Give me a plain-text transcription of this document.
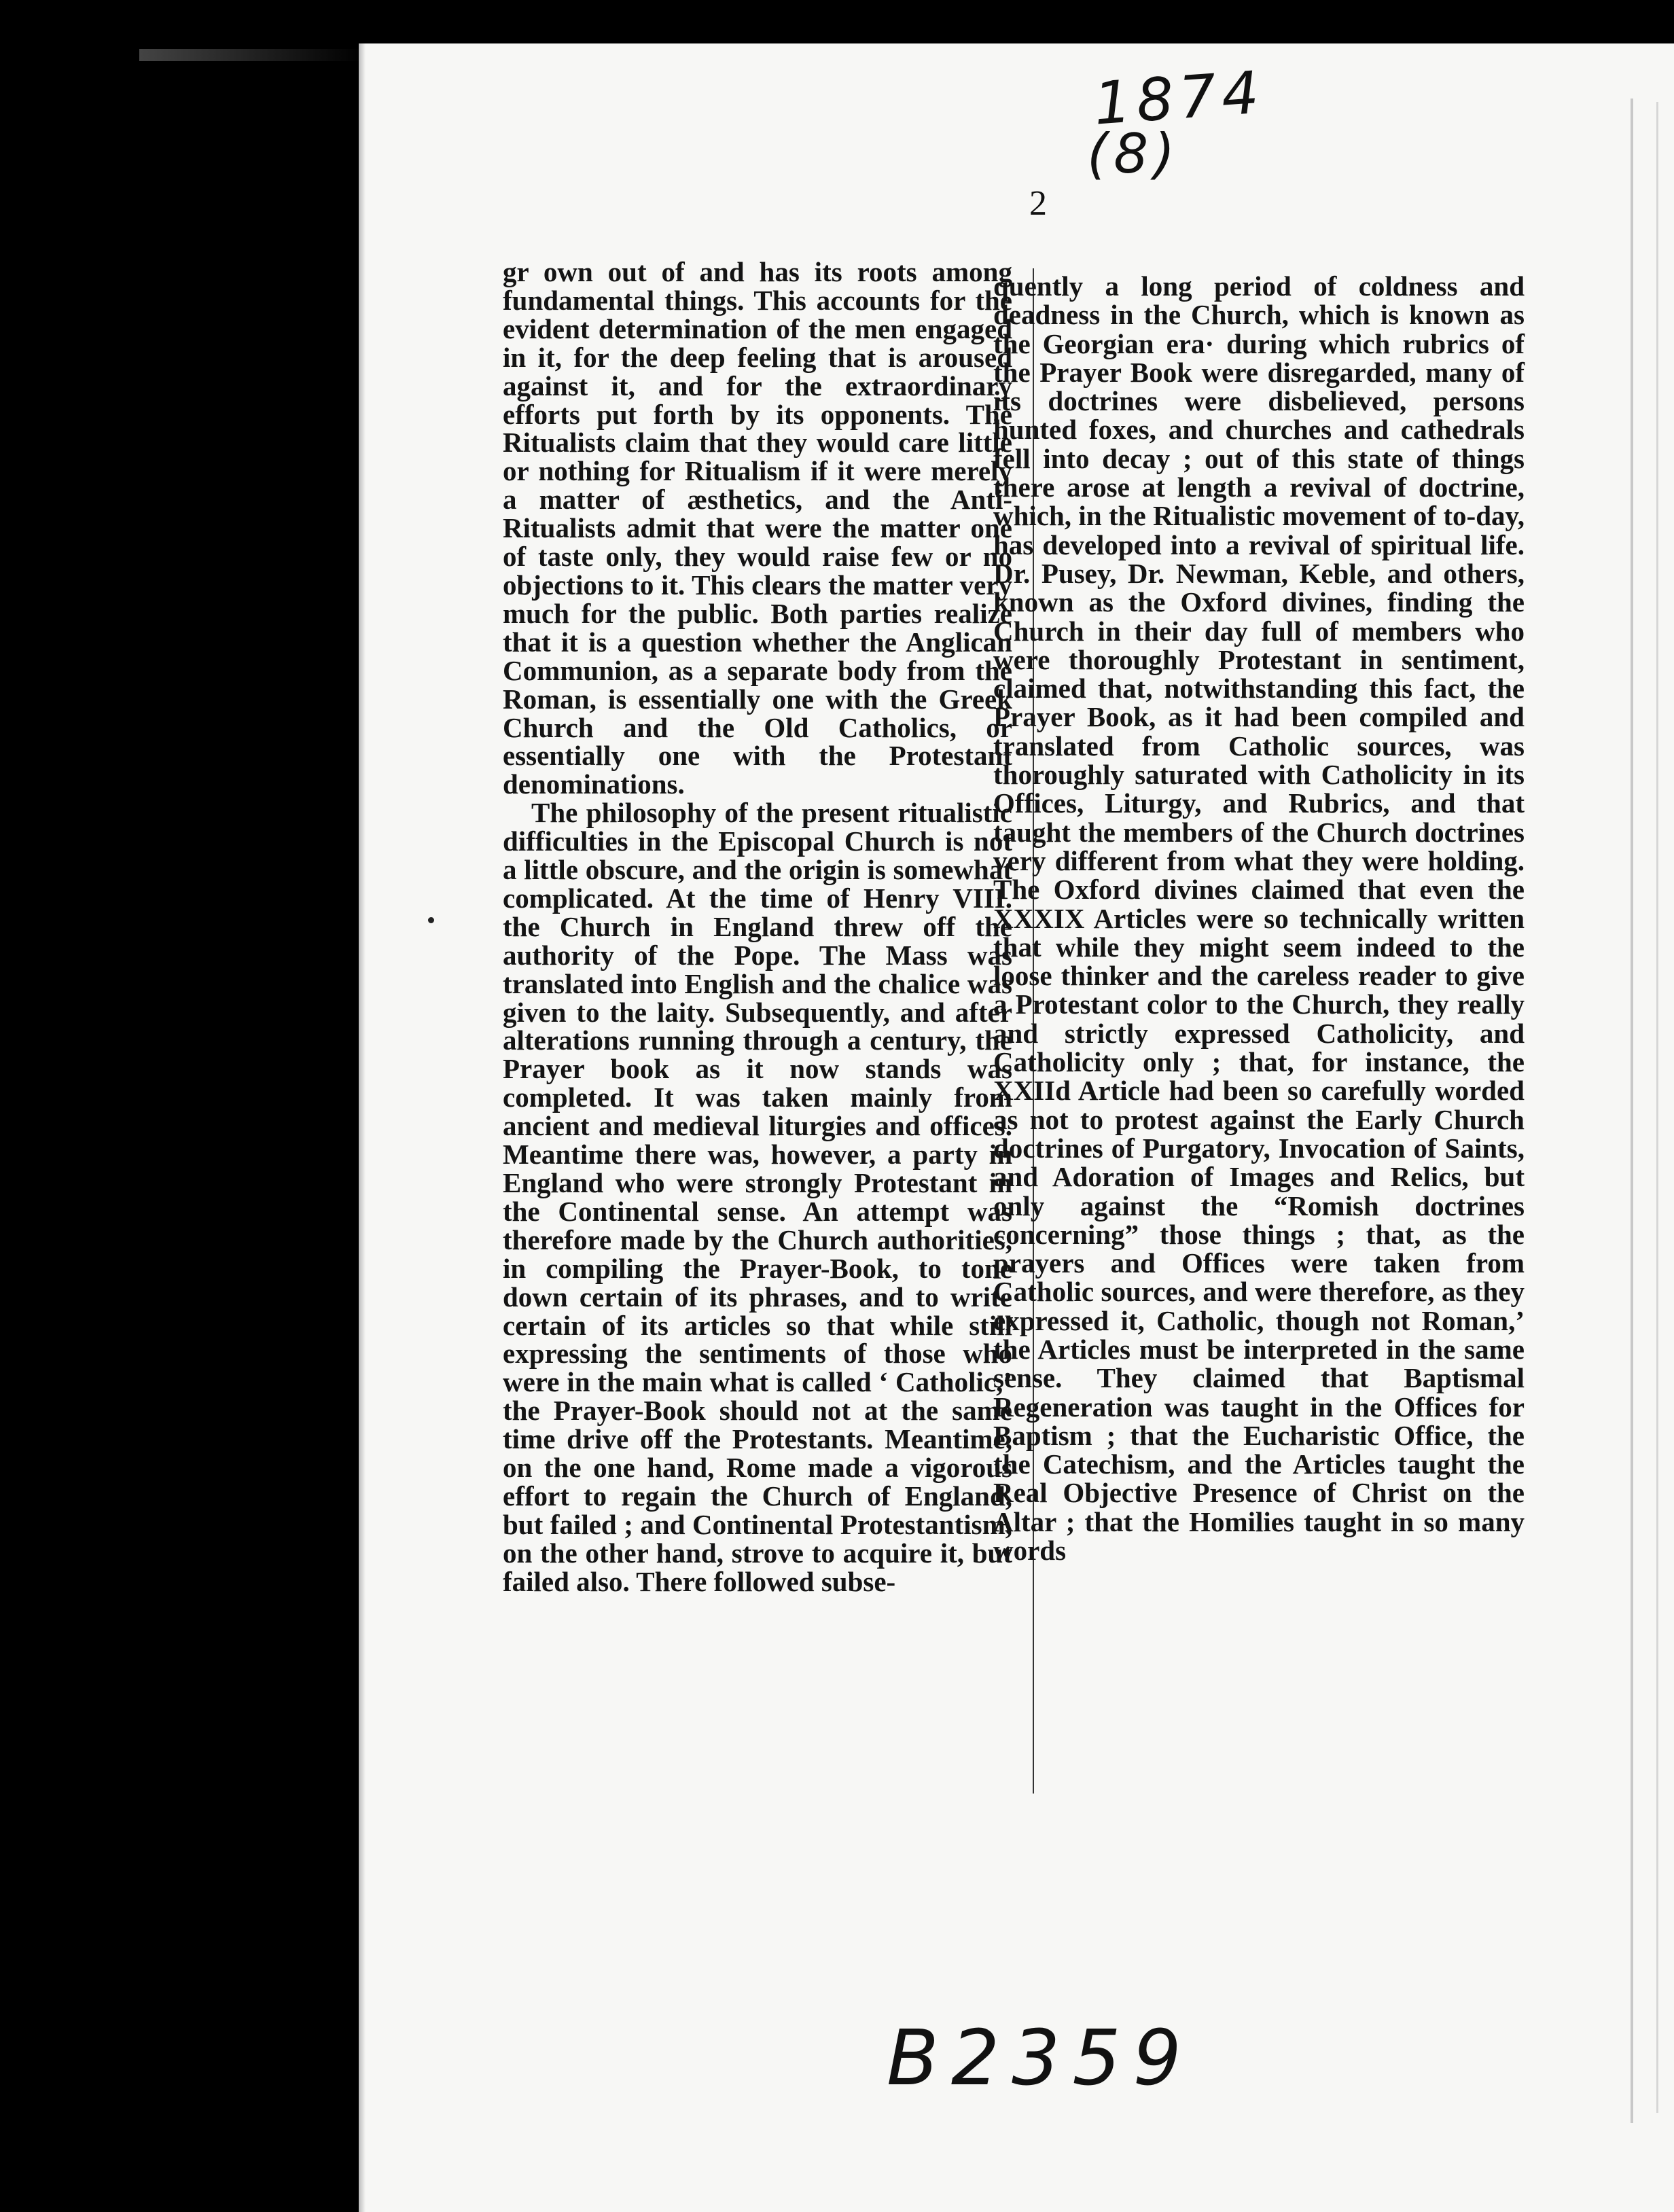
1874
(8)
2

gr own out of and has its roots among fundamental things. This accounts for the evident determination of the men engaged in it, for the deep feeling that is aroused against it, and for the extraordinary efforts put forth by its opponents. The Ritualists claim that they would care little or nothing for Ritualism if it were merely a matter of æsthetics, and the Anti-Ritualists admit that were the matter one of taste only, they would raise few or no objections to it. This clears the matter very much for the public. Both parties realize that it is a question whether the Anglican Communion, as a separate body from the Roman, is essentially one with the Greek Church and the Old Catholics, or essentially one with the Protestant denominations.

The philosophy of the present ritualistic difficulties in the Episcopal Church is not a little obscure, and the origin is somewhat complicated. At the time of Henry VIII. the Church in England threw off the authority of the Pope. The Mass was translated into English and the chalice was given to the laity. Subsequently, and after alterations running through a century, the Prayer book as it now stands was completed. It was taken mainly from ancient and medieval liturgies and offices. Meantime there was, however, a party in England who were strongly Protestant in the Continental sense. An attempt was therefore made by the Church authorities, in compiling the Prayer-Book, to tone down certain of its phrases, and to write certain of its articles so that while still expressing the sentiments of those who were in the main what is called ‘ Catholic,’ the Prayer-Book should not at the same time drive off the Protestants. Meantime, on the one hand, Rome made a vigorous effort to regain the Church of England, but failed ; and Continental Protestantism, on the other hand, strove to acquire it, but failed also. There followed subse-

quently a long period of coldness and deadness in the Church, which is known as the Georgian era· during which rubrics of the Prayer Book were disregarded, many of its doctrines were disbelieved, persons hunted foxes, and churches and cathedrals fell into decay ; out of this state of things there arose at length a revival of doctrine, which, in the Ritualistic movement of to-day, has developed into a revival of spiritual life. Dr. Pusey, Dr. Newman, Keble, and others, known as the Oxford divines, finding the Church in their day full of members who were thoroughly Protestant in sentiment, claimed that, notwithstanding this fact, the Prayer Book, as it had been compiled and translated from Catholic sources, was thoroughly saturated with Catholicity in its Offices, Liturgy, and Rubrics, and that taught the members of the Church doctrines very different from what they were holding. The Oxford divines claimed that even the XXXIX Articles were so technically written that while they might seem indeed to the loose thinker and the careless reader to give a Protestant color to the Church, they really and strictly expressed Catholicity, and Catholicity only ; that, for instance, the XXIId Article had been so carefully worded as not to protest against the Early Church doctrines of Purgatory, Invocation of Saints, and Adoration of Images and Relics, but only against the “Romish doctrines concerning” those things ; that, as the prayers and Offices were taken from Catholic sources, and were therefore, as they expressed it, Catholic, though not Roman,’ the Articles must be interpreted in the same sense. They claimed that Baptismal Regeneration was taught in the Offices for Baptism ; that the Eucharistic Office, the the Catechism, and the Articles taught the Real Objective Presence of Christ on the Altar ; that the Homilies taught in so many words

B2359
